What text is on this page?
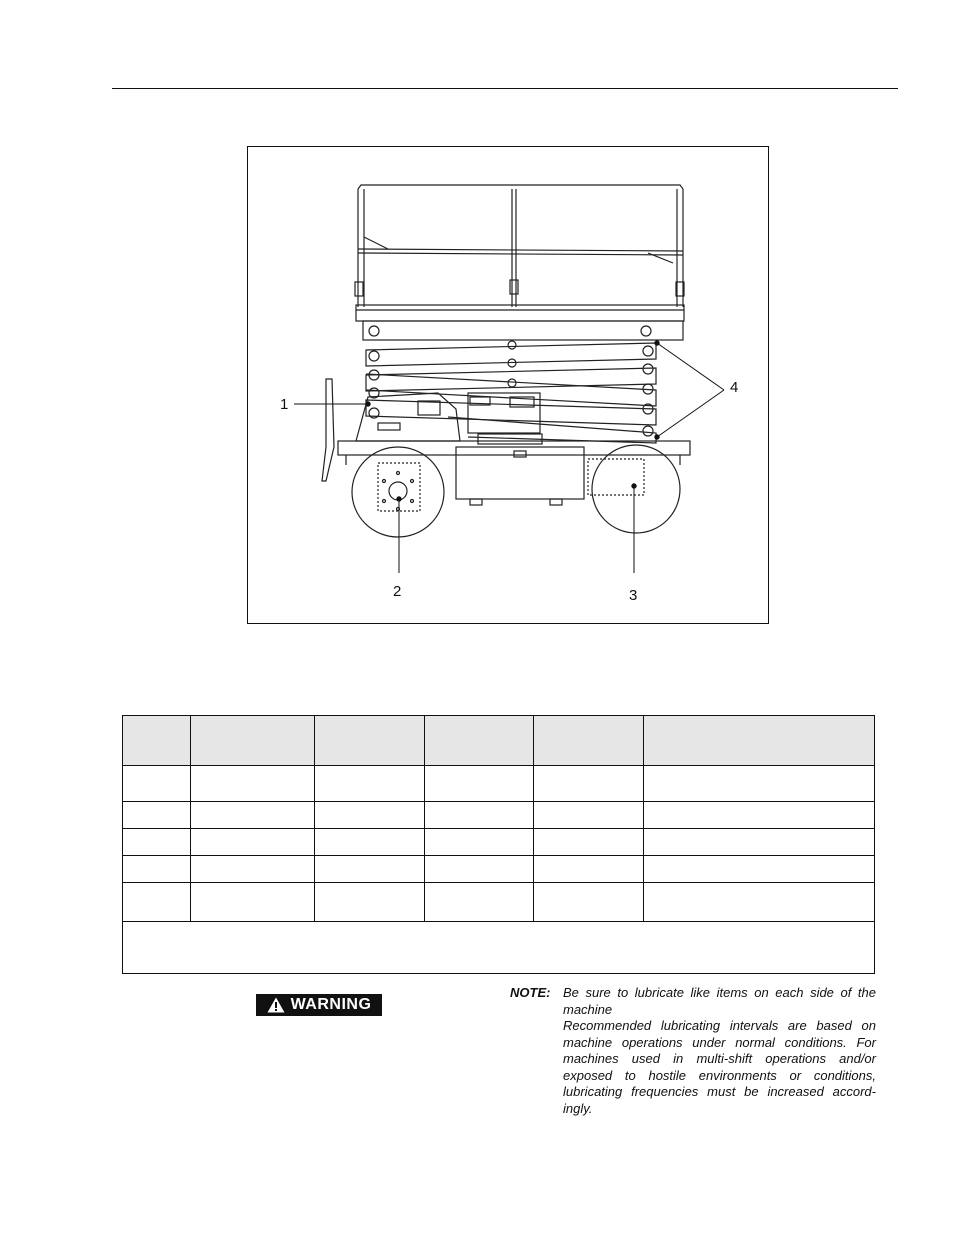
1
2	3
4

WARNING
NOTE: Be sure to lubricate like items on each side of the machine

Recommended lubricating intervals are based on machine operations under normal conditions. For machines used in multi-shift operations and/or exposed to hostile environments or conditions, lubricating frequencies must be increased accord-ingly.
